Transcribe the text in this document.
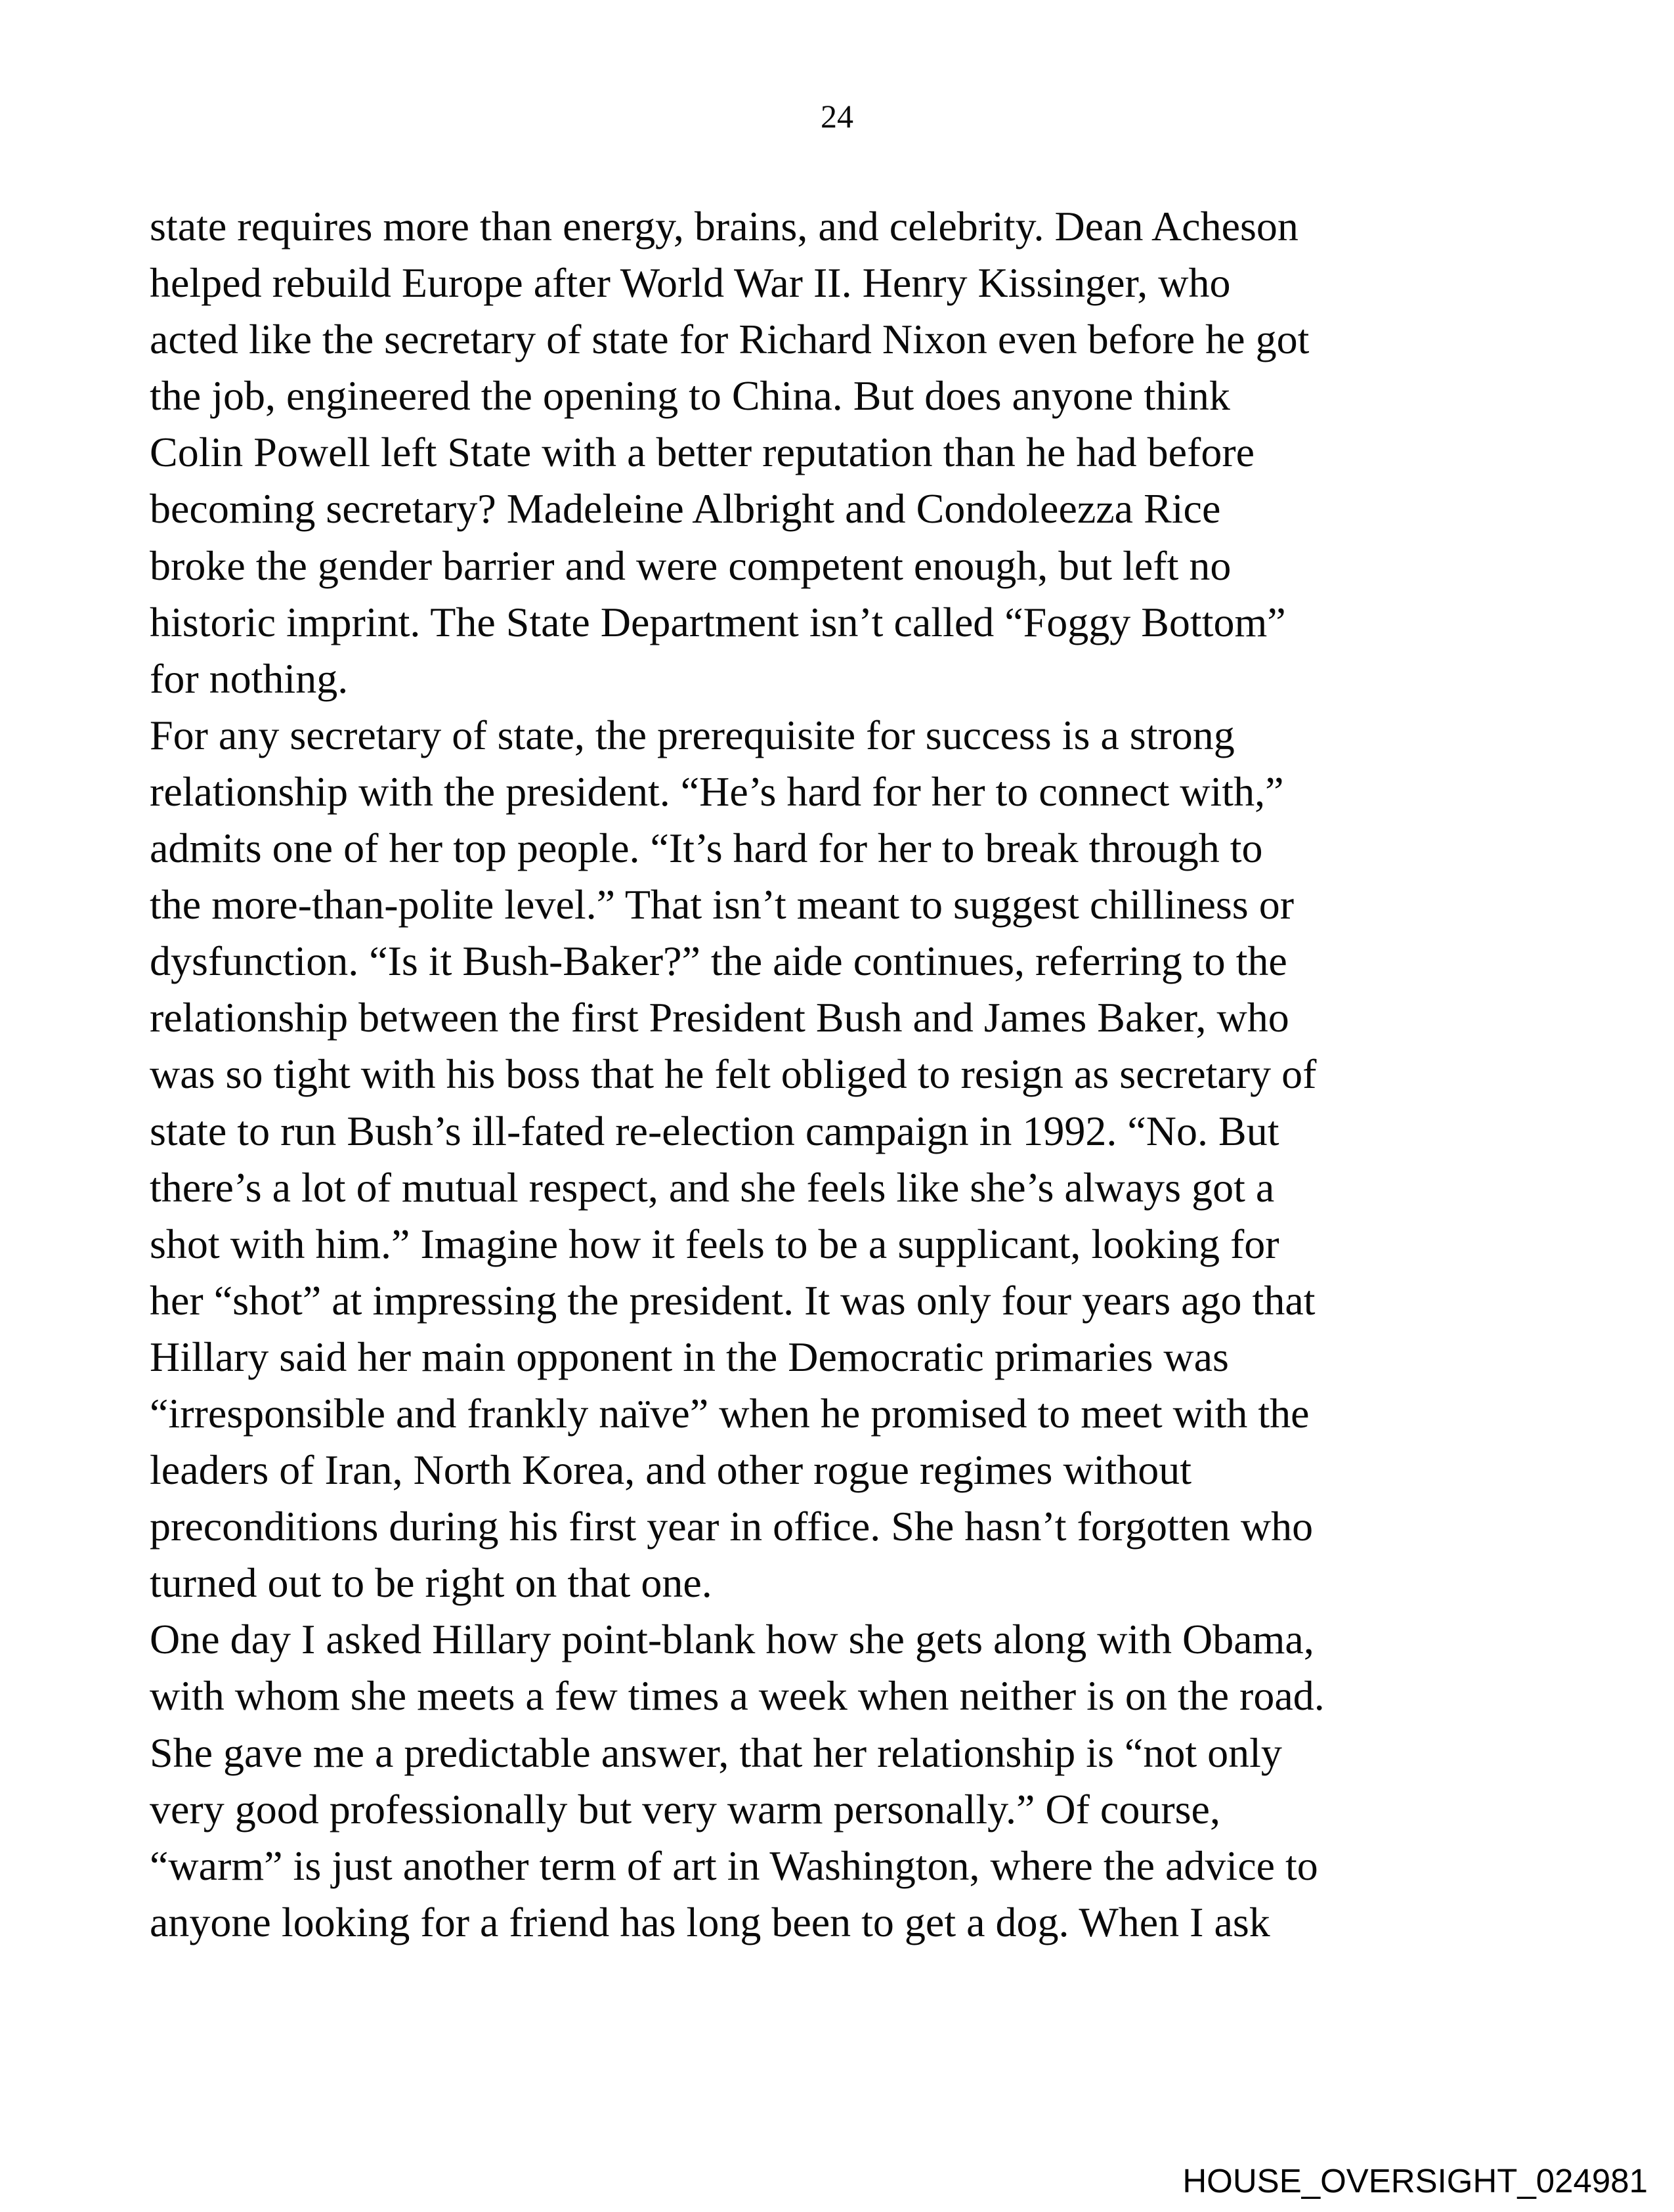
24
state requires more than energy, brains, and celebrity. Dean Acheson
helped rebuild Europe after World War II. Henry Kissinger, who
acted like the secretary of state for Richard Nixon even before he got
the job, engineered the opening to China. But does anyone think
Colin Powell left State with a better reputation than he had before
becoming secretary? Madeleine Albright and Condoleezza Rice
broke the gender barrier and were competent enough, but left no
historic imprint. The State Department isn’t called “Foggy Bottom”
for nothing.
For any secretary of state, the prerequisite for success is a strong
relationship with the president. “He’s hard for her to connect with,”
admits one of her top people. “It’s hard for her to break through to
the more-than-polite level.” That isn’t meant to suggest chilliness or
dysfunction. “Is it Bush-Baker?” the aide continues, referring to the
relationship between the first President Bush and James Baker, who
was so tight with his boss that he felt obliged to resign as secretary of
state to run Bush’s ill-fated re-election campaign in 1992. “No. But
there’s a lot of mutual respect, and she feels like she’s always got a
shot with him.” Imagine how it feels to be a supplicant, looking for
her “shot” at impressing the president. It was only four years ago that
Hillary said her main opponent in the Democratic primaries was
“irresponsible and frankly naïve” when he promised to meet with the
leaders of Iran, North Korea, and other rogue regimes without
preconditions during his first year in office. She hasn’t forgotten who
turned out to be right on that one.
One day I asked Hillary point-blank how she gets along with Obama,
with whom she meets a few times a week when neither is on the road.
She gave me a predictable answer, that her relationship is “not only
very good professionally but very warm personally.” Of course,
“warm” is just another term of art in Washington, where the advice to
anyone looking for a friend has long been to get a dog. When I ask
HOUSE_OVERSIGHT_024981
